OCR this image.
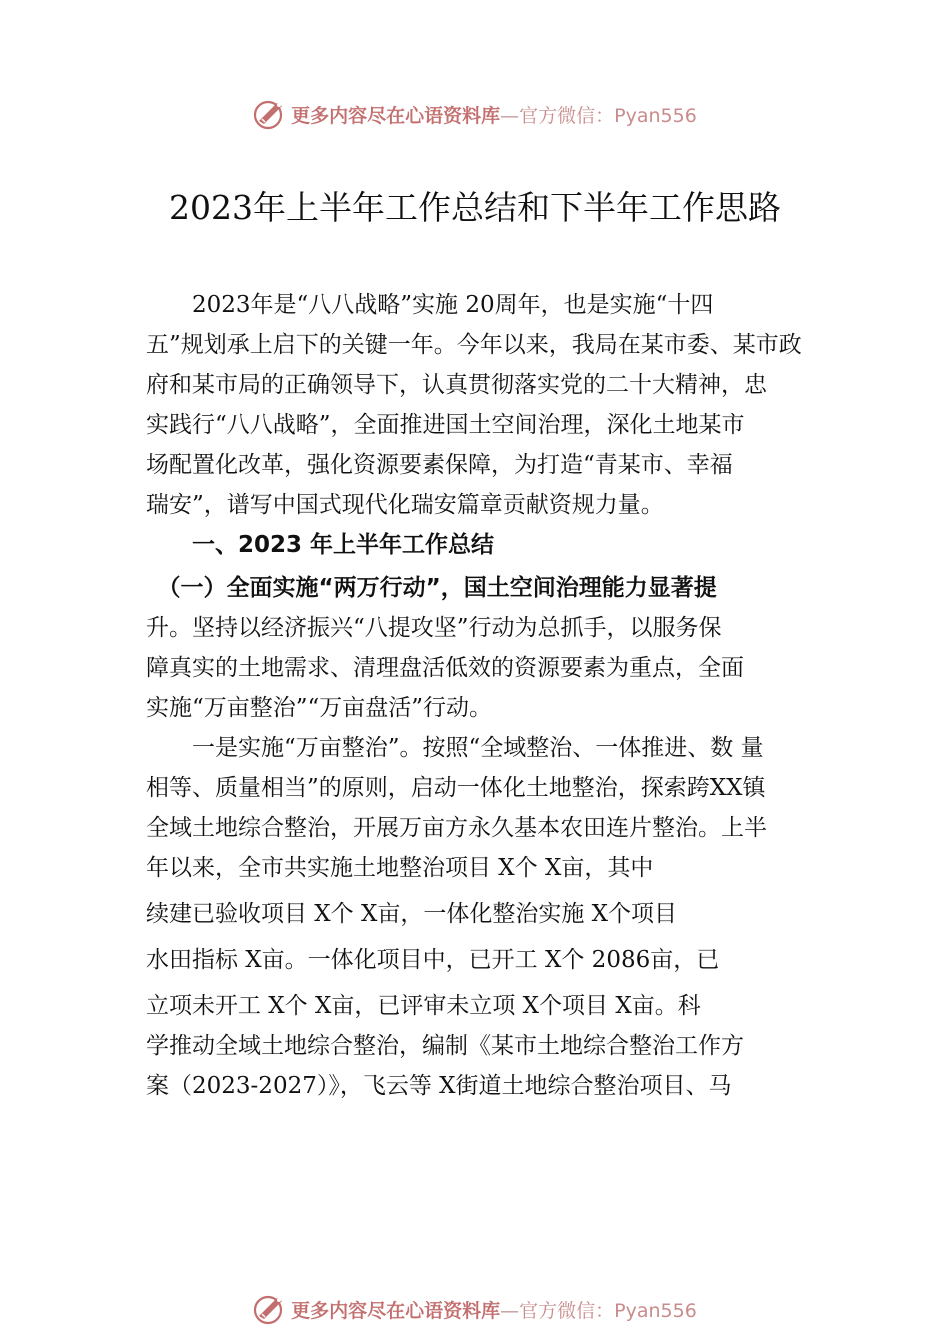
更多内容尽在心语资料库—官方微信：Pyan556
2023年上半年工作总结和下半年工作思路
　　2023年是“八八战略”实施 20周年，也是实施“十四
五”规划承上启下的关键一年。今年以来，我局在某市委、某市政
府和某市局的正确领导下，认真贯彻落实党的二十大精神，忠
实践行“八八战略”，全面推进国土空间治理，深化土地某市
场配置化改革，强化资源要素保障，为打造“青某市、幸福
瑞安”，谱写中国式现代化瑞安篇章贡献资规力量。
　　一、2023 年上半年工作总结
　（一）全面实施“两万行动”，国土空间治理能力显著提
升。坚持以经济振兴“八提攻坚”行动为总抓手，以服务保
障真实的土地需求、清理盘活低效的资源要素为重点，全面
实施“万亩整治”“万亩盘活”行动。
　　一是实施“万亩整治”。按照“全域整治、一体推进、数 量
相等、质量相当”的原则，启动一体化土地整治，探索跨XX镇
全域土地综合整治，开展万亩方永久基本农田连片整治。上半
年以来，全市共实施土地整治项目 X个 X亩，其中
续建已验收项目 X个 X亩，一体化整治实施 X个项目
水田指标 X亩。一体化项目中，已开工 X个 2086亩，已
立项未开工 X个 X亩，已评审未立项 X个项目 X亩。科
学推动全域土地综合整治，编制《某市土地综合整治工作方
案（2023-2027）》，飞云等 X街道土地综合整治项目、马
更多内容尽在心语资料库—官方微信：Pyan556
